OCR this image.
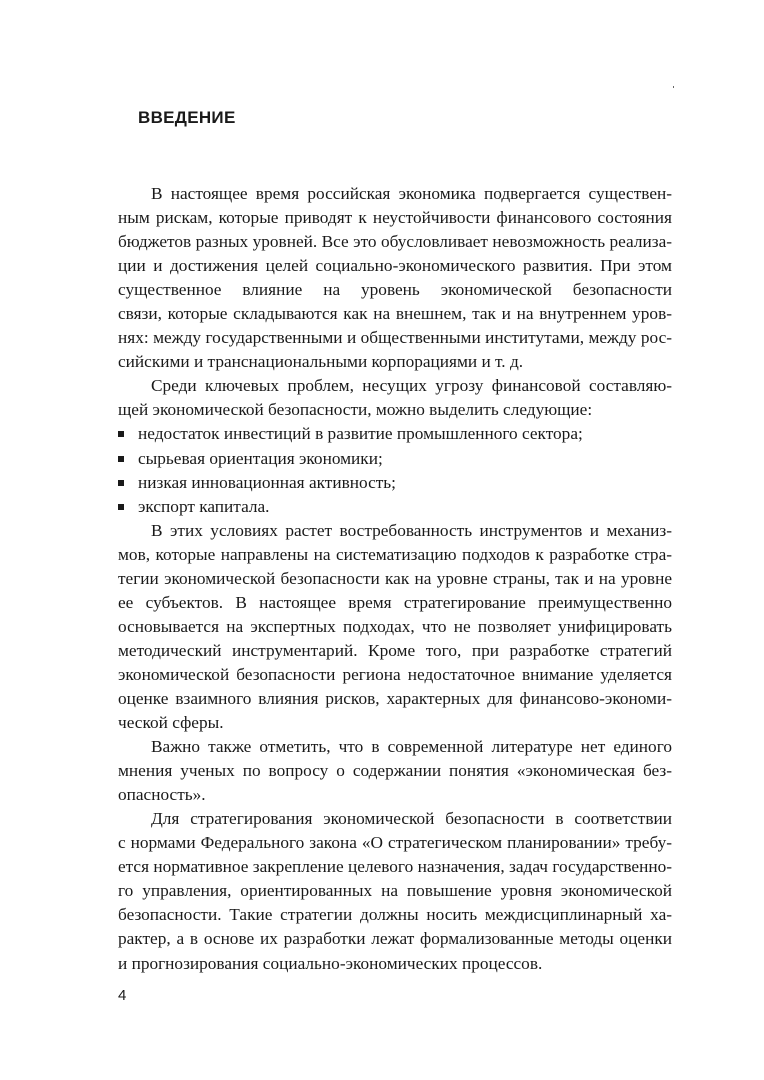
ВВЕДЕНИЕ
В настоящее время российская экономика подвергается существен-
ным рискам, которые приводят к неустойчивости финансового состояния
бюджетов разных уровней. Все это обусловливает невозможность реализа-
ции и достижения целей социально-экономического развития. При этом
существенное влияние на уровень экономической безопасности
связи, которые складываются как на внешнем, так и на внутреннем уров-
нях: между государственными и общественными институтами, между рос-
сийскими и транснациональными корпорациями и т. д.
Среди ключевых проблем, несущих угрозу финансовой составляю-
щей экономической безопасности, можно выделить следующие:
недостаток инвестиций в развитие промышленного сектора;
сырьевая ориентация экономики;
низкая инновационная активность;
экспорт капитала.
В этих условиях растет востребованность инструментов и механиз-
мов, которые направлены на систематизацию подходов к разработке стра-
тегии экономической безопасности как на уровне страны, так и на уровне
ее субъектов. В настоящее время стратегирование преимущественно
основывается на экспертных подходах, что не позволяет унифицировать
методический инструментарий. Кроме того, при разработке стратегий
экономической безопасности региона недостаточное внимание уделяется
оценке взаимного влияния рисков, характерных для финансово-экономи-
ческой сферы.
Важно также отметить, что в современной литературе нет единого
мнения ученых по вопросу о содержании понятия «экономическая без-
опасность».
Для стратегирования экономической безопасности в соответствии
с нормами Федерального закона «О стратегическом планировании» требу-
ется нормативное закрепление целевого назначения, задач государственно-
го управления, ориентированных на повышение уровня экономической
безопасности. Такие стратегии должны носить междисциплинарный ха-
рактер, а в основе их разработки лежат формализованные методы оценки
и прогнозирования социально-экономических процессов.
4
